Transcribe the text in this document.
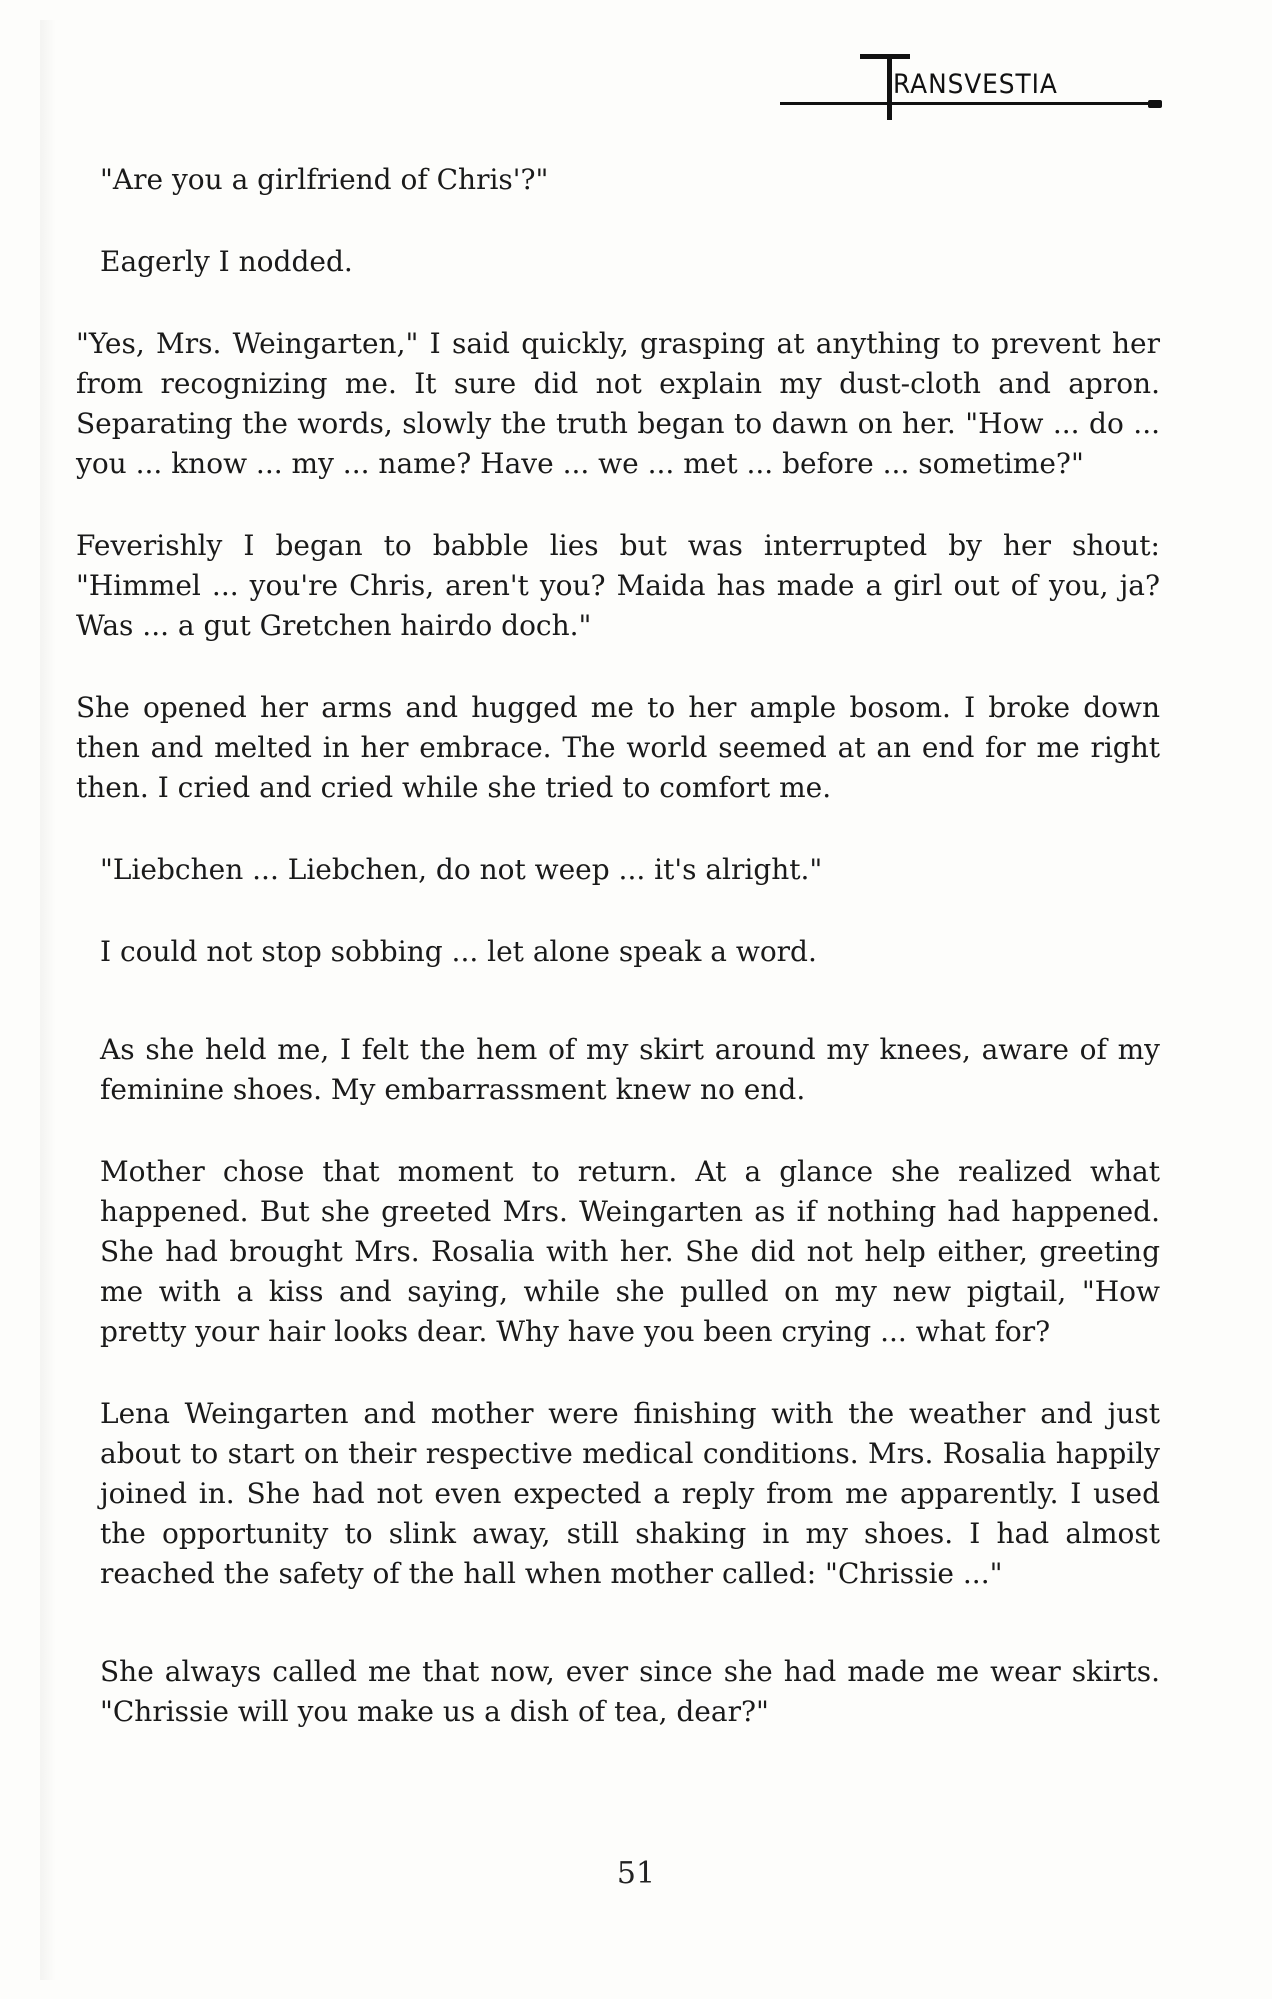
RANSVESTIA

"Are you a girlfriend of Chris'?"

Eagerly I nodded.

"Yes, Mrs. Weingarten," I said quickly, grasping at anything to prevent her from recognizing me. It sure did not explain my dust-cloth and apron. Separating the words, slowly the truth began to dawn on her. "How ... do ... you ... know ... my ... name? Have ... we ... met ... before ... sometime?"

Feverishly I began to babble lies but was interrupted by her shout: "Himmel ... you're Chris, aren't you? Maida has made a girl out of you, ja? Was ... a gut Gretchen hairdo doch."

She opened her arms and hugged me to her ample bosom. I broke down then and melted in her embrace. The world seemed at an end for me right then. I cried and cried while she tried to comfort me.

"Liebchen ... Liebchen, do not weep ... it's alright."

I could not stop sobbing ... let alone speak a word.

As she held me, I felt the hem of my skirt around my knees, aware of my feminine shoes. My embarrassment knew no end.

Mother chose that moment to return. At a glance she realized what happened. But she greeted Mrs. Weingarten as if nothing had happened. She had brought Mrs. Rosalia with her. She did not help either, greeting me with a kiss and saying, while she pulled on my new pigtail, "How pretty your hair looks dear. Why have you been crying ... what for?

Lena Weingarten and mother were finishing with the weather and just about to start on their respective medical conditions. Mrs. Rosalia happily joined in. She had not even expected a reply from me apparently. I used the opportunity to slink away, still shaking in my shoes. I had almost reached the safety of the hall when mother called: "Chrissie ..."

She always called me that now, ever since she had made me wear skirts. "Chrissie will you make us a dish of tea, dear?"

51
